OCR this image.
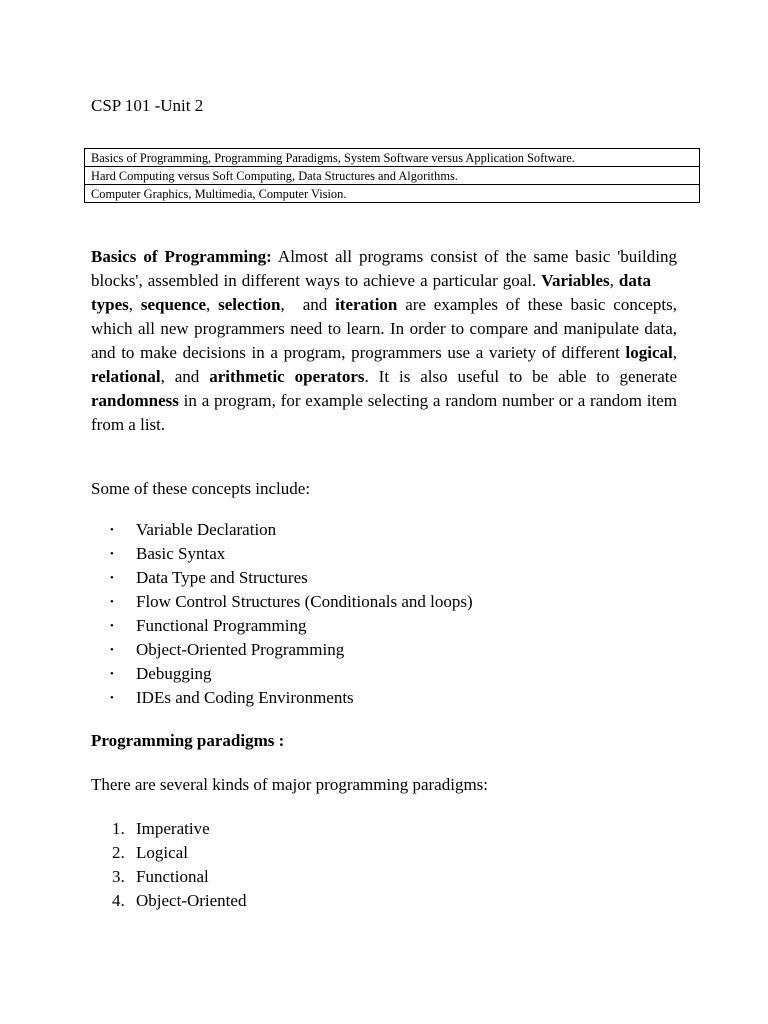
CSP 101 -Unit 2
Basics of Programming, Programming Paradigms, System Software versus Application Software.
Hard Computing versus Soft Computing, Data Structures and Algorithms.
Computer Graphics, Multimedia, Computer Vision.

Basics of Programming: Almost all programs consist of the same basic 'building blocks', assembled in different ways to achieve a particular goal. Variables, datatypes, sequence, selection, and iteration are examples of these basic concepts, which all new programmers need to learn. In order to compare and manipulate data, and to make decisions in a program, programmers use a variety of different logical, relational, and arithmetic operators. It is also useful to be able to generate randomness in a program, for example selecting a random number or a random item from a list.

Some of these concepts include:

• Variable Declaration
• Basic Syntax
• Data Type and Structures
• Flow Control Structures (Conditionals and loops)
• Functional Programming
• Object-Oriented Programming
• Debugging
• IDEs and Coding Environments

Programming paradigms :

There are several kinds of major programming paradigms:

1. Imperative
2. Logical
3. Functional
4. Object-Oriented
